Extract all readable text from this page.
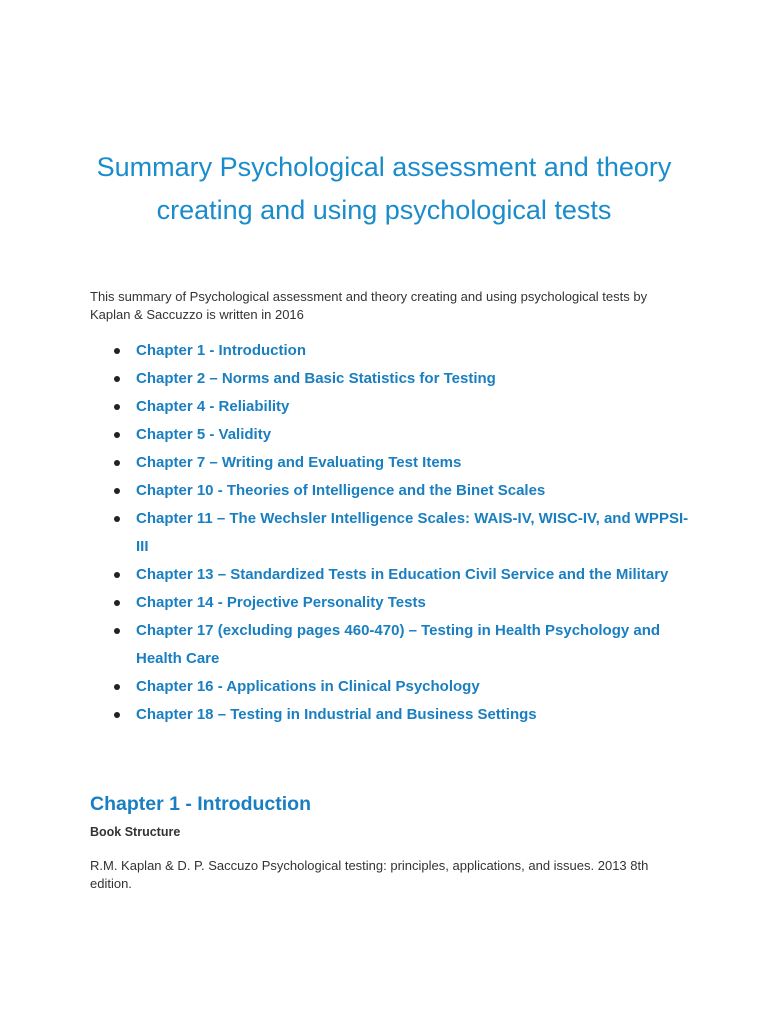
Summary Psychological assessment and theory creating and using psychological tests

This summary of Psychological assessment and theory creating and using psychological tests by Kaplan & Saccuzzo is written in 2016

Chapter 1 - Introduction
Chapter 2 – Norms and Basic Statistics for Testing
Chapter 4 - Reliability
Chapter 5 - Validity
Chapter 7 – Writing and Evaluating Test Items
Chapter 10 - Theories of Intelligence and the Binet Scales
Chapter 11 – The Wechsler Intelligence Scales: WAIS-IV, WISC-IV, and WPPSI-III
Chapter 13 – Standardized Tests in Education Civil Service and the Military
Chapter 14 - Projective Personality Tests
Chapter 17 (excluding pages 460-470) – Testing in Health Psychology and Health Care
Chapter 16 - Applications in Clinical Psychology
Chapter 18 – Testing in Industrial and Business Settings
Chapter 1 - Introduction
Book Structure

R.M. Kaplan & D. P. Saccuzo Psychological testing: principles, applications, and issues. 2013 8th edition.
